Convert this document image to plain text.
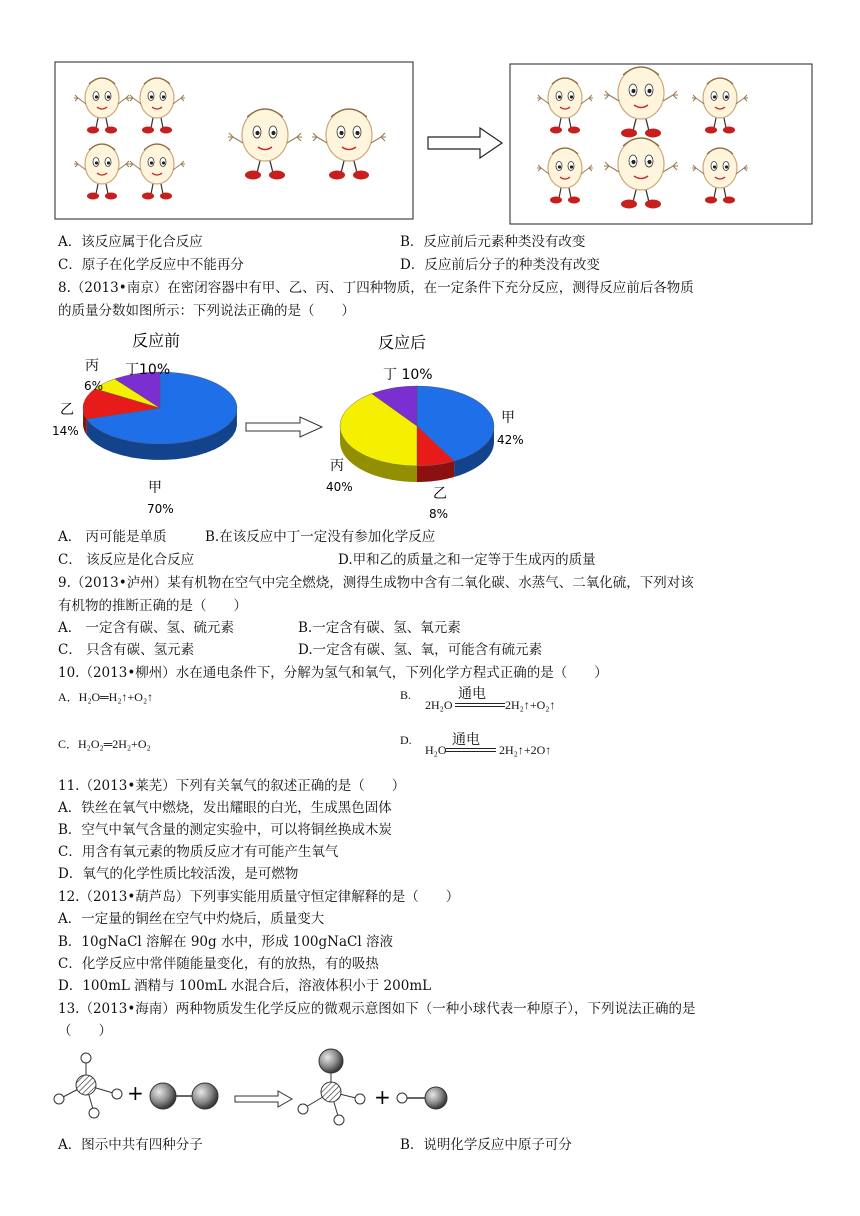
A．该反应属于化合反应	B．反应前后元素种类没有改变
C．原子在化学反应中不能再分	D．反应前后分子的种类没有改变
8.（2013•南京）在密闭容器中有甲、乙、丙、丁四种物质，在一定条件下充分反应，测得反应前后各物质
的质量分数如图所示：下列说法正确的是（　　）
反应前
丙
6%
丁10%
乙
14%
甲
70%
反应后
丁 10%
甲
42%
丙
40%	乙
8%
A． 丙可能是单质	B.在该反应中丁一定没有参加化学反应
C． 该反应是化合反应	D.甲和乙的质量之和一定等于生成丙的质量
9.（2013•泸州）某有机物在空气中完全燃烧，测得生成物中含有二氧化碳、水蒸气、二氧化硫，下列对该
有机物的推断正确的是（　　）
A． 一定含有碳、氢、硫元素	B.一定含有碳、氢、氧元素
C． 只含有碳、氢元素	D.一定含有碳、氢、氧，可能含有硫元素
10.（2013•柳州）水在通电条件下，分解为氢气和氧气，下列化学方程式正确的是（　　）
A．H₂O═H₂↑+O₂↑	B.	通电
2H₂O	2H₂↑+O₂↑
C．H₂O₂═2H₂+O₂	D.	通电
H₂O	2H₂↑+2O↑
11.（2013•莱芜）下列有关氧气的叙述正确的是（　　）
A．铁丝在氧气中燃烧，发出耀眼的白光，生成黑色固体
B．空气中氧气含量的测定实验中，可以将铜丝换成木炭
C．用含有氧元素的物质反应才有可能产生氧气
D．氧气的化学性质比较活泼，是可燃物
12.（2013•葫芦岛）下列事实能用质量守恒定律解释的是（　　）
A．一定量的铜丝在空气中灼烧后，质量变大
B．10gNaCl 溶解在 90g 水中，形成 100gNaCl 溶液
C．化学反应中常伴随能量变化，有的放热，有的吸热
D．100mL 酒精与 100mL 水混合后，溶液体积小于 200mL
13.（2013•海南）两种物质发生化学反应的微观示意图如下（一种小球代表一种原子），下列说法正确的是
（　　）
+	+
A．图示中共有四种分子	B．说明化学反应中原子可分
